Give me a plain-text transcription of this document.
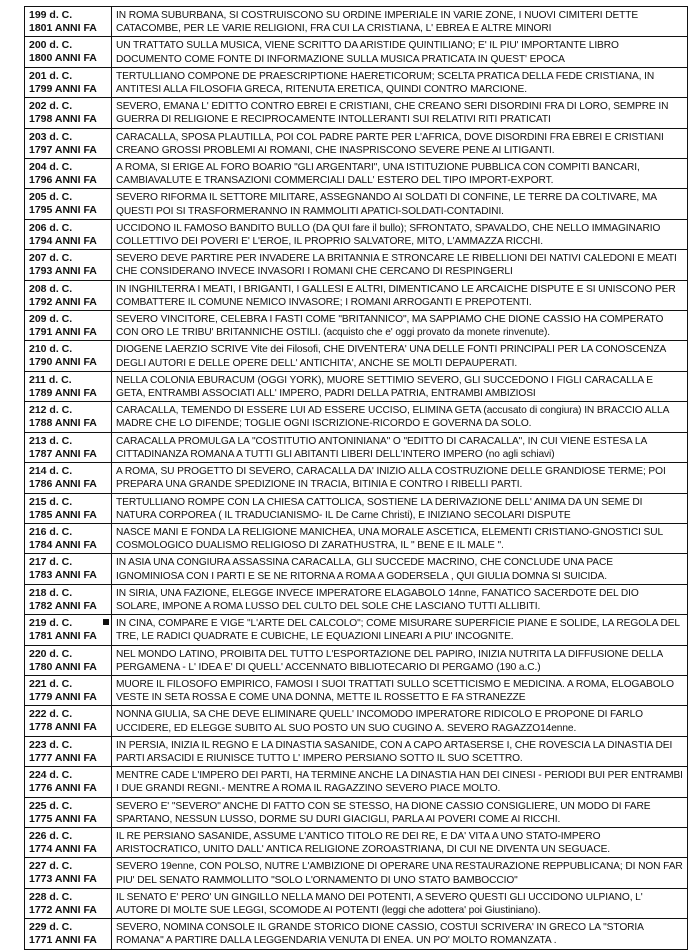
199 d. C.
1801 ANNI FA	IN ROMA SUBURBANA, SI COSTRUISCONO SU ORDINE IMPERIALE IN VARIE ZONE, I NUOVI CIMITERI DETTE CATACOMBE, PER LE VARIE RELIGIONI, FRA CUI LA CRISTIANA, L' EBREA E ALTRE MINORI

200 d. C.
1800 ANNI FA	UN TRATTATO SULLA MUSICA, VIENE SCRITTO DA ARISTIDE QUINTILIANO; E' IL PIU' IMPORTANTE LIBRO DOCUMENTO COME FONTE DI INFORMAZIONE SULLA MUSICA PRATICATA IN QUEST' EPOCA

201 d. C.
1799 ANNI FA	TERTULLIANO COMPONE DE PRAESCRIPTIONE HAERETICORUM; SCELTA PRATICA DELLA FEDE CRISTIANA, IN ANTITESI ALLA FILOSOFIA GRECA, RITENUTA ERETICA, QUINDI CONTRO MARCIONE.

202 d. C.
1798 ANNI FA	SEVERO, EMANA L' EDITTO CONTRO EBREI E CRISTIANI, CHE CREANO SERI DISORDINI FRA DI LORO, SEMPRE IN GUERRA DI RELIGIONE E RECIPROCAMENTE INTOLLERANTI SUI RELATIVI RITI PRATICATI

203 d. C.
1797 ANNI FA	CARACALLA, SPOSA PLAUTILLA, POI COL PADRE PARTE PER L'AFRICA, DOVE DISORDINI FRA EBREI E CRISTIANI CREANO GROSSI PROBLEMI AI ROMANI, CHE INASPRISCONO SEVERE PENE AI LITIGANTI.

204 d. C.
1796 ANNI FA	A ROMA, SI ERIGE AL FORO BOARIO "GLI ARGENTARI", UNA ISTITUZIONE PUBBLICA CON COMPITI BANCARI, CAMBIAVALUTE E TRANSAZIONI COMMERCIALI DALL' ESTERO DEL TIPO IMPORT-EXPORT.

205 d. C.
1795 ANNI FA	SEVERO RIFORMA IL SETTORE MILITARE, ASSEGNANDO AI SOLDATI DI CONFINE, LE TERRE DA COLTIVARE, MA QUESTI POI SI TRASFORMERANNO IN RAMMOLITI APATICI-SOLDATI-CONTADINI.

206 d. C.
1794 ANNI FA	UCCIDONO IL FAMOSO BANDITO BULLO (DA QUI fare il bullo); SFRONTATO, SPAVALDO, CHE NELLO IMMAGINARIO COLLETTIVO DEI POVERI E' L'EROE, IL PROPRIO SALVATORE, MITO, L'AMMAZZA RICCHI.

207 d. C.
1793 ANNI FA	SEVERO DEVE PARTIRE PER INVADERE LA BRITANNIA E STRONCARE LE RIBELLIONI DEI NATIVI CALEDONI E MEATI CHE CONSIDERANO INVECE INVASORI I ROMANI CHE CERCANO DI RESPINGERLI

208 d. C.
1792 ANNI FA	IN INGHILTERRA I MEATI, I BRIGANTI, I GALLESI E ALTRI, DIMENTICANO LE ARCAICHE DISPUTE E SI UNISCONO PER COMBATTERE IL COMUNE NEMICO INVASORE; I ROMANI ARROGANTI E PREPOTENTI.

209 d. C.
1791 ANNI FA	SEVERO VINCITORE, CELEBRA I FASTI COME "BRITANNICO", MA SAPPIAMO CHE DIONE CASSIO HA COMPERATO CON ORO LE TRIBU' BRITANNICHE OSTILI. (acquisto che e' oggi provato da monete rinvenute).

210 d. C.
1790 ANNI FA	DIOGENE LAERZIO SCRIVE Vite dei Filosofi, CHE DIVENTERA' UNA DELLE FONTI PRINCIPALI PER LA CONOSCENZA DEGLI AUTORI E DELLE OPERE DELL' ANTICHITA', ANCHE SE MOLTI DEPAUPERATI.

211 d. C.
1789 ANNI FA	NELLA COLONIA EBURACUM (OGGI YORK), MUORE SETTIMIO SEVERO, GLI SUCCEDONO I FIGLI CARACALLA E GETA, ENTRAMBI ASSOCIATI ALL' IMPERO, PADRI DELLA PATRIA, ENTRAMBI AMBIZIOSI

212 d. C.
1788 ANNI FA	CARACALLA, TEMENDO DI ESSERE LUI AD ESSERE UCCISO, ELIMINA GETA (accusato di congiura) IN BRACCIO ALLA MADRE CHE LO DIFENDE; TOGLIE OGNI ISCRIZIONE-RICORDO E GOVERNA DA SOLO.

213 d. C.
1787 ANNI FA	CARACALLA PROMULGA LA "COSTITUTIO ANTONINIANA" O "EDITTO DI CARACALLA", IN CUI VIENE ESTESA LA CITTADINANZA ROMANA A TUTTI GLI ABITANTI LIBERI DELL'INTERO IMPERO (no agli schiavi)

214 d. C.
1786 ANNI FA	A ROMA, SU PROGETTO DI SEVERO, CARACALLA DA' INIZIO ALLA COSTRUZIONE DELLE GRANDIOSE TERME; POI PREPARA UNA GRANDE SPEDIZIONE IN TRACIA, BITINIA E CONTRO I RIBELLI PARTI.

215 d. C.
1785 ANNI FA	TERTULLIANO ROMPE CON LA CHIESA CATTOLICA, SOSTIENE LA DERIVAZIONE DELL' ANIMA DA UN SEME DI NATURA CORPOREA ( IL TRADUCIANISMO- IL De Carne Christi), E INIZIANO SECOLARI DISPUTE

216 d. C.
1784 ANNI FA	NASCE MANI E FONDA LA RELIGIONE MANICHEA, UNA MORALE ASCETICA, ELEMENTI CRISTIANO-GNOSTICI SUL COSMOLOGICO DUALISMO RELIGIOSO DI ZARATHUSTRA, IL " BENE E IL MALE ".

217 d. C.
1783 ANNI FA	IN ASIA UNA CONGIURA ASSASSINA CARACALLA, GLI SUCCEDE MACRINO, CHE CONCLUDE UNA PACE IGNOMINIOSA CON I PARTI E SE NE RITORNA A ROMA A GODERSELA , QUI GIULIA DOMNA SI SUICIDA.

218 d. C.
1782 ANNI FA	IN SIRIA, UNA FAZIONE, ELEGGE INVECE IMPERATORE ELAGABOLO 14nne, FANATICO SACERDOTE DEL DIO SOLARE, IMPONE A ROMA LUSSO DEL CULTO DEL SOLE CHE LASCIANO TUTTI ALLIBITI.

219 d. C.
1781 ANNI FA	IN CINA, COMPARE E VIGE "L'ARTE DEL CALCOLO"; COME MISURARE SUPERFICIE PIANE E SOLIDE, LA REGOLA DEL TRE, LE RADICI QUADRATE E CUBICHE, LE EQUAZIONI LINEARI A PIU' INCOGNITE.

220 d. C.
1780 ANNI FA	NEL MONDO LATINO, PROIBITA DEL TUTTO L'ESPORTAZIONE DEL PAPIRO, INIZIA NUTRITA LA DIFFUSIONE DELLA PERGAMENA - L' IDEA E' DI QUELL' ACCENNATO BIBLIOTECARIO DI PERGAMO (190 a.C.)

221 d. C.
1779 ANNI FA	MUORE IL FILOSOFO EMPIRICO, FAMOSI I SUOI TRATTATI SULLO SCETTICISMO E MEDICINA. A ROMA, ELOGABOLO VESTE IN SETA ROSSA E COME UNA DONNA, METTE IL ROSSETTO E FA STRANEZZE

222 d. C.
1778 ANNI FA	NONNA GIULIA, SA CHE DEVE ELIMINARE QUELL' INCOMODO IMPERATORE RIDICOLO E PROPONE DI FARLO UCCIDERE, ED ELEGGE SUBITO AL SUO POSTO UN SUO CUGINO A. SEVERO RAGAZZO14enne.

223 d. C.
1777 ANNI FA	IN PERSIA, INIZIA IL REGNO E LA DINASTIA SASANIDE, CON A CAPO ARTASERSE I, CHE ROVESCIA LA DINASTIA DEI PARTI ARSACIDI E RIUNISCE TUTTO L' IMPERO PERSIANO SOTTO IL SUO SCETTRO.

224 d. C.
1776 ANNI FA	MENTRE CADE L'IMPERO DEI PARTI, HA TERMINE ANCHE LA DINASTIA HAN DEI CINESI - PERIODI BUI PER ENTRAMBI I DUE GRANDI REGNI.- MENTRE A ROMA IL RAGAZZINO SEVERO PIACE MOLTO.

225 d. C.
1775 ANNI FA	SEVERO E' "SEVERO" ANCHE DI FATTO CON SE STESSO, HA DIONE CASSIO CONSIGLIERE, UN MODO DI FARE SPARTANO, NESSUN LUSSO, DORME SU DURI GIACIGLI, PARLA AI POVERI COME AI RICCHI.

226 d. C.
1774 ANNI FA	IL RE PERSIANO SASANIDE, ASSUME L'ANTICO TITOLO RE DEI RE, E DA' VITA A UNO STATO-IMPERO ARISTOCRATICO, UNITO DALL' ANTICA RELIGIONE ZOROASTRIANA, DI CUI NE DIVENTA UN SEGUACE.

227 d. C.
1773 ANNI FA	SEVERO 19enne, CON POLSO, NUTRE L'AMBIZIONE DI OPERARE UNA RESTAURAZIONE REPPUBLICANA; DI NON FAR PIU' DEL SENATO RAMMOLLITO "SOLO L'ORNAMENTO DI UNO STATO BAMBOCCIO"

228 d. C.
1772 ANNI FA	IL SENATO E' PERO' UN GINGILLO NELLA MANO DEI POTENTI, A SEVERO QUESTI GLI UCCIDONO ULPIANO, L' AUTORE DI MOLTE SUE LEGGI, SCOMODE AI POTENTI (leggi che adottera' poi Giustiniano).

229 d. C.
1771 ANNI FA	SEVERO, NOMINA CONSOLE IL GRANDE STORICO DIONE CASSIO, COSTUI SCRIVERA' IN GRECO LA "STORIA ROMANA" A PARTIRE DALLA LEGGENDARIA VENUTA DI ENEA. UN PO' MOLTO ROMANZATA .
